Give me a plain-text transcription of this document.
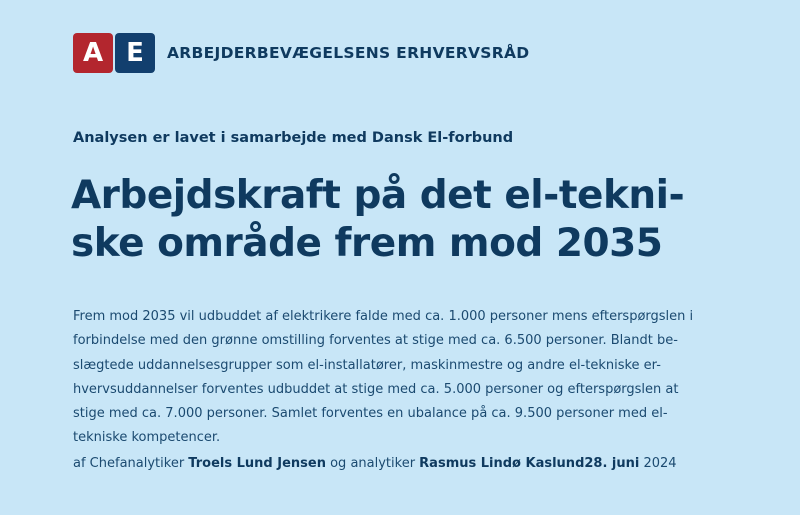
A E	ARBEJDERBEVÆGELSENS ERHVERVSRÅD
Analysen er lavet i samarbejde med Dansk El-forbund
Arbejdskraft på det el-tekni-
ske område frem mod 2035
Frem mod 2035 vil udbuddet af elektrikere falde med ca. 1.000 personer mens efterspørgslen i
forbindelse med den grønne omstilling forventes at stige med ca. 6.500 personer. Blandt be-
slægtede uddannelsesgrupper som el-installatører, maskinmestre og andre el-tekniske er-
hvervsuddannelser forventes udbuddet at stige med ca. 5.000 personer og efterspørgslen at
stige med ca. 7.000 personer. Samlet forventes en ubalance på ca. 9.500 personer med el-
tekniske kompetencer.
af Chefanalytiker Troels Lund Jensen og analytiker Rasmus Lindø Kaslund 28. juni 2024
